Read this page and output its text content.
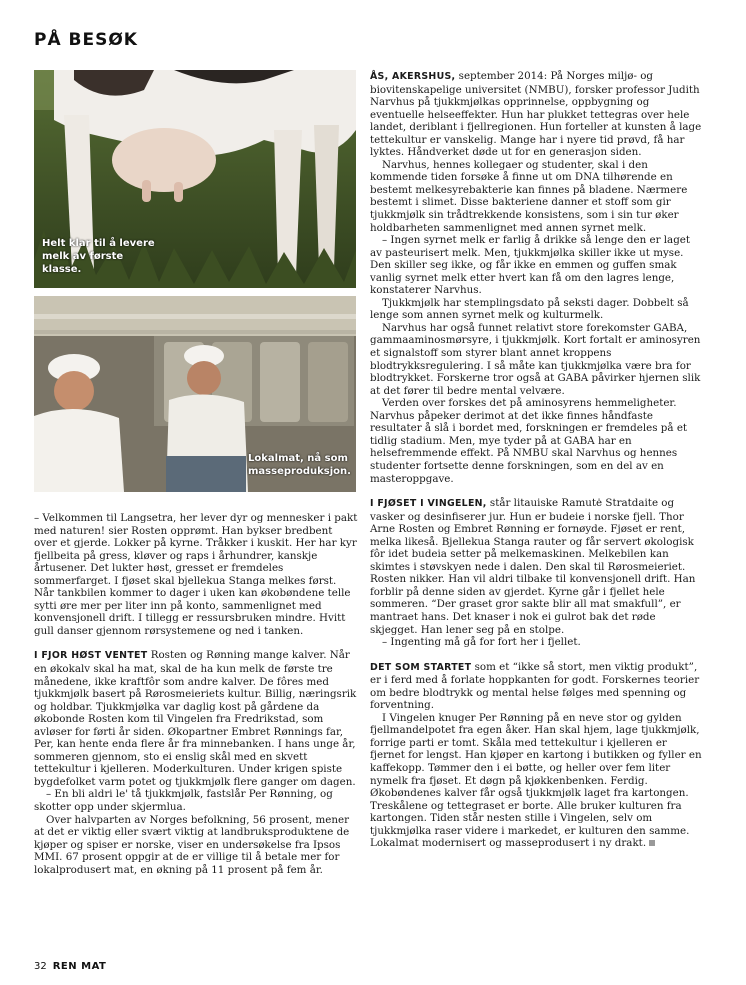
PÅ BESØK
Helt klar til å levere melk av første klasse.
Lokalmat, nå som masseproduksjon.

– Velkommen til Langsetra, her lever dyr og mennesker i pakt med naturen! sier Rosten opprømt. Han bykser bredbent over et gjerde. Lokker på kyrne. Tråkker i kuskit. Her har kyr fjellbeita på gress, kløver og raps i århundrer, kanskje årtusener. Det lukter høst, gresset er fremdeles sommerfarget. I fjøset skal bjellekua Stanga melkes først. Når tankbilen kommer to dager i uken kan økobøndene telle sytti øre mer per liter inn på konto, sammenlignet med konvensjonell drift. I tillegg er ressursbruken mindre. Hvitt gull danser gjennom rørsystemene og ned i tanken.

I FJOR HØST VENTET Rosten og Rønning mange kalver. Når en økokalv skal ha mat, skal de ha kun melk de første tre månedene, ikke kraftfôr som andre kalver. De fôres med tjukkmjølk basert på Rørosmeieriets kultur. Billig, næringsrik og holdbar. Tjukkmjølka var daglig kost på gårdene da økobonde Rosten kom til Vingelen fra Fredrikstad, som avløser for førti år siden. Økopartner Embret Rønnings far, Per, kan hente enda flere år fra minnebanken. I hans unge år, sommeren gjennom, sto ei enslig skål med en skvett tettekultur i kjelleren. Moderkulturen. Under krigen spiste bygdefolket varm potet og tjukkmjølk flere ganger om dagen.

– En bli aldri le' tå tjukkmjølk, fastslår Per Rønning, og skotter opp under skjermlua.

Over halvparten av Norges befolkning, 56 prosent, mener at det er viktig eller svært viktig at landbruksproduktene de kjøper og spiser er norske, viser en undersøkelse fra Ipsos MMI. 67 prosent oppgir at de er villige til å betale mer for lokalprodusert mat, en økning på 11 prosent på fem år.

ÅS, AKERSHUS, september 2014: På Norges miljø- og biovitenskapelige universitet (NMBU), forsker professor Judith Narvhus på tjukkmjølkas opprinnelse, oppbygning og eventuelle helseeffekter. Hun har plukket tettegras over hele landet, deriblant i fjellregionen. Hun forteller at kunsten å lage tettekultur er vanskelig. Mange har i nyere tid prøvd, få har lyktes. Håndverket døde ut for en generasjon siden.

Narvhus, hennes kollegaer og studenter, skal i den kommende tiden forsøke å finne ut om DNA tilhørende en bestemt melkesyrebakterie kan finnes på bladene. Nærmere bestemt i slimet. Disse bakteriene danner et stoff som gir tjukkmjølk sin trådtrekkende konsistens, som i sin tur øker holdbarheten sammenlignet med annen syrnet melk.

– Ingen syrnet melk er farlig å drikke så lenge den er laget av pasteurisert melk. Men, tjukkmjølka skiller ikke ut myse. Den skiller seg ikke, og får ikke en emmen og guffen smak vanlig syrnet melk etter hvert kan få om den lagres lenge, konstaterer Narvhus.

Tjukkmjølk har stemplingsdato på seksti dager. Dobbelt så lenge som annen syrnet melk og kulturmelk.

Narvhus har også funnet relativt store forekomster GABA, gammaaminosmørsyre, i tjukkmjølk. Kort fortalt er aminosyren et signalstoff som styrer blant annet kroppens blodtrykksregulering. I så måte kan tjukkmjølka være bra for blodtrykket. Forskerne tror også at GABA påvirker hjernen slik at det fører til bedre mental velvære.

Verden over forskes det på aminosyrens hemmeligheter. Narvhus påpeker derimot at det ikke finnes håndfaste resultater å slå i bordet med, forskningen er fremdeles på et tidlig stadium. Men, mye tyder på at GABA har en helsefremmende effekt. På NMBU skal Narvhus og hennes studenter fortsette denne forskningen, som en del av en masteroppgave.

I FJØSET I VINGELEN, står litauiske Ramutė Stratdaite og vasker og desinfiserer jur. Hun er budeie i norske fjell. Thor Arne Rosten og Embret Rønning er fornøyde. Fjøset er rent, melka likeså. Bjellekua Stanga rauter og får servert økologisk fôr idet budeia setter på melkemaskinen. Melkebilen kan skimtes i støvskyen nede i dalen. Den skal til Rørosmeieriet. Rosten nikker. Han vil aldri tilbake til konvensjonell drift. Han forblir på denne siden av gjerdet. Kyrne går i fjellet hele sommeren. “Der graset gror sakte blir all mat smakfull”, er mantraet hans. Det knaser i nok ei gulrot bak det røde skjegget. Han lener seg på en stolpe.

– Ingenting må gå for fort her i fjellet.

DET SOM STARTET som et “ikke så stort, men viktig produkt”, er i ferd med å forlate hoppkanten for godt. Forskernes teorier om bedre blodtrykk og mental helse følges med spenning og forventning.

I Vingelen knuger Per Rønning på en neve stor og gylden fjellmandelpotet fra egen åker. Han skal hjem, lage tjukkmjølk, forrige parti er tomt. Skåla med tettekultur i kjelleren er fjernet for lengst. Han kjøper en kartong i butikken og fyller en kaffekopp. Tømmer den i ei bøtte, og heller over fem liter nymelk fra fjøset. Et døgn på kjøkkenbenken. Ferdig. Økobøndenes kalver får også tjukkmjølk laget fra kartongen. Treskålene og tettegraset er borte. Alle bruker kulturen fra kartongen. Tiden står nesten stille i Vingelen, selv om tjukkmjølka raser videre i markedet, er kulturen den samme. Lokalmat modernisert og masseprodusert i ny drakt.

32 REN MAT
